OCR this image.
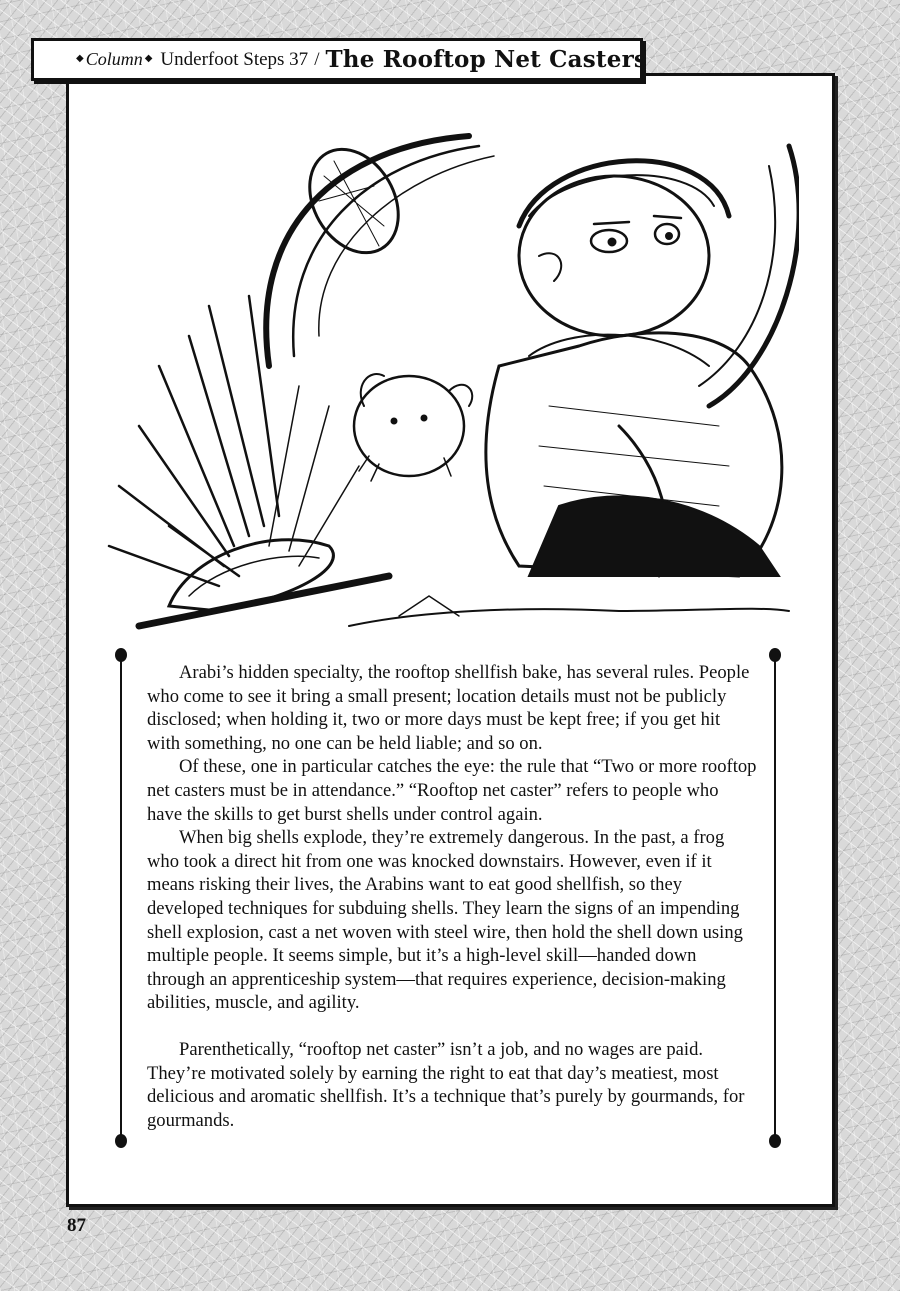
◆ Column ◆ Underfoot Steps 37 / The Rooftop Net Casters

Arabi’s hidden specialty, the rooftop shellfish bake, has several rules. People who come to see it bring a small present; location details must not be publicly disclosed; when holding it, two or more days must be kept free; if you get hit with something, no one can be held liable; and so on.

Of these, one in particular catches the eye: the rule that “Two or more rooftop net casters must be in attendance.” “Rooftop net caster” refers to people who have the skills to get burst shells under control again.

When big shells explode, they’re extremely dangerous. In the past, a frog who took a direct hit from one was knocked downstairs. However, even if it means risking their lives, the Arabins want to eat good shellfish, so they developed techniques for subduing shells. They learn the signs of an impending shell explosion, cast a net woven with steel wire, then hold the shell down using multiple people. It seems simple, but it’s a high-level skill—handed down through an apprenticeship system—that requires experience, decision-making abilities, muscle, and agility.

Parenthetically, “rooftop net caster” isn’t a job, and no wages are paid. They’re motivated solely by earning the right to eat that day’s meatiest, most delicious and aromatic shellfish. It’s a technique that’s purely by gourmands, for gourmands.

87
